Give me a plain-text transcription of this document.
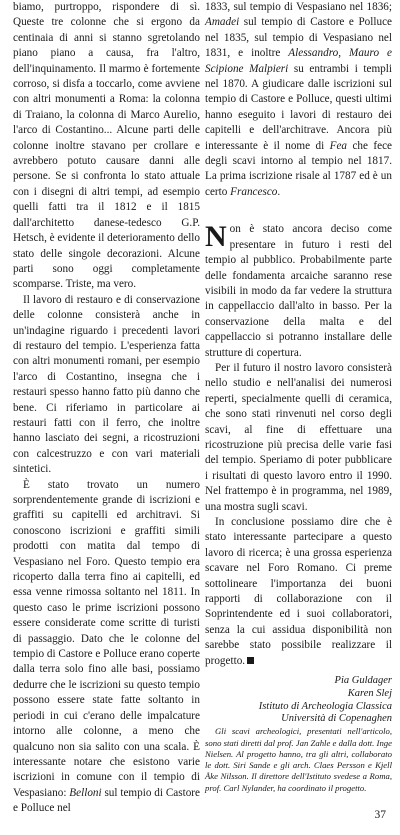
biamo, purtroppo, rispondere di sì. Queste tre colonne che si ergono da centinaia di anni si stanno sgretolando piano piano a causa, fra l'altro, dell'inquinamento. Il marmo è fortemente corroso, si disfa a toccarlo, come avviene con altri monumenti a Roma: la colonna di Traiano, la colonna di Marco Aurelio, l'arco di Costantino... Alcune parti delle colonne inoltre stavano per crollare e avrebbero potuto causare danni alle persone. Se si confronta lo stato attuale con i disegni di altri tempi, ad esempio quelli fatti tra il 1812 e il 1815 dall'architetto danese-tedesco G.P. Hetsch, è evidente il deterioramento dello stato delle singole decorazioni. Alcune parti sono oggi completamente scomparse. Triste, ma vero.

Il lavoro di restauro e di conservazione delle colonne consisterà anche in un'indagine riguardo i precedenti lavori di restauro del tempio. L'esperienza fatta con altri monumenti romani, per esempio l'arco di Costantino, insegna che i restauri spesso hanno fatto più danno che bene. Ci riferiamo in particolare ai restauri fatti con il ferro, che inoltre hanno lasciato dei segni, a ricostruzioni con calcestruzzo e con vari materiali sintetici.

È stato trovato un numero sorprendentemente grande di iscrizioni e graffiti su capitelli ed architravi. Si conoscono iscrizioni e graffiti simili prodotti con matita dal tempo di Vespasiano nel Foro. Questo tempio era ricoperto dalla terra fino ai capitelli, ed essa venne rimossa soltanto nel 1811. In questo caso le prime iscrizioni possono essere considerate come scritte di turisti di passaggio. Dato che le colonne del tempio di Castore e Polluce erano coperte dalla terra solo fino alle basi, possiamo dedurre che le iscrizioni su questo tempio possono essere state fatte soltanto in periodi in cui c'erano delle impalcature intorno alle colonne, a meno che qualcuno non sia salito con una scala. È interessante notare che esistono varie iscrizioni in comune con il tempio di Vespasiano: Belloni sul tempio di Castore e Polluce nel

1833, sul tempio di Vespasiano nel 1836; Amadei sul tempio di Castore e Polluce nel 1835, sul tempio di Vespasiano nel 1831, e inoltre Alessandro, Mauro e Scipione Malpieri su entrambi i templi nel 1870. A giudicare dalle iscrizioni sul tempio di Castore e Polluce, questi ultimi hanno eseguito i lavori di restauro dei capitelli e dell'architrave. Ancora più interessante è il nome di Fea che fece degli scavi intorno al tempio nel 1817. La prima iscrizione risale al 1787 ed è un certo Francesco.

Non è stato ancora deciso come presentare in futuro i resti del tempio al pubblico. Probabilmente parte delle fondamenta arcaiche saranno rese visibili in modo da far vedere la struttura in cappellaccio dall'alto in basso. Per la conservazione della malta e del cappellaccio si potranno installare delle strutture di copertura.

Per il futuro il nostro lavoro consisterà nello studio e nell'analisi dei numerosi reperti, specialmente quelli di ceramica, che sono stati rinvenuti nel corso degli scavi, al fine di effettuare una ricostruzione più precisa delle varie fasi del tempio. Speriamo di poter pubblicare i risultati di questo lavoro entro il 1990. Nel frattempo è in programma, nel 1989, una mostra sugli scavi.

In conclusione possiamo dire che è stato interessante partecipare a questo lavoro di ricerca; è una grossa esperienza scavare nel Foro Romano. Ci preme sottolineare l'importanza dei buoni rapporti di collaborazione con il Soprintendente ed i suoi collaboratori, senza la cui assidua disponibilità non sarebbe stato possibile realizzare il progetto.

Pia Guldager
Karen Slej
Istituto di Archeologia Classica
Università di Copenaghen

Gli scavi archeologici, presentati nell'articolo, sono stati diretti dal prof. Jan Zahle e dalla dott. Inge Nielsen. Al progetto hanno, tra gli altri, collaborato le dott. Siri Sande e gli arch. Claes Persson e Kjell Åke Nilsson. Il direttore dell'Istituto svedese a Roma, prof. Carl Nylander, ha coordinato il progetto.

37
